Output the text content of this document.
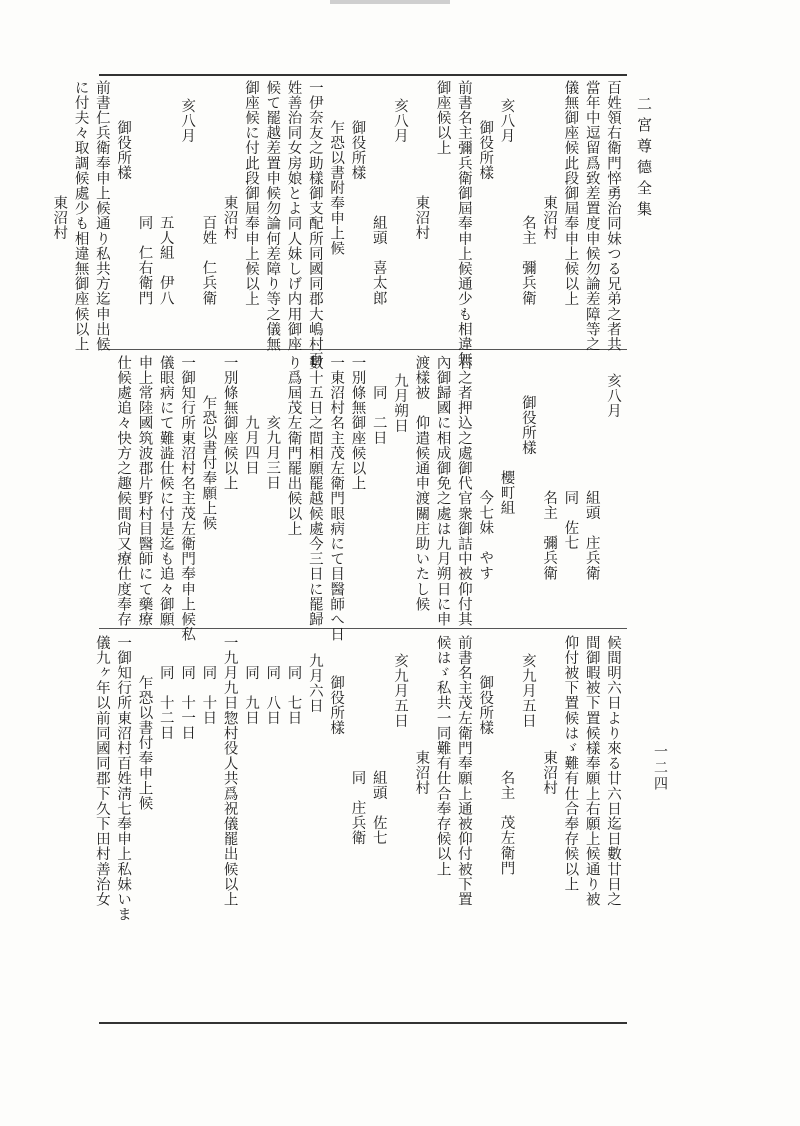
二宮尊德全集
一二四
百姓領右衛門悴勇治同妹つる兄弟之者共
當年中逗留爲致差置度申候勿論差障等之
儀無御座候此段御屆奉申上候以上
東沼村
名主　彌兵衛
亥八月
御役所樣
前書名主彌兵衛御屆奉申上候通少も相違無
御座候以上
東沼村
亥八月
組頭　喜太郎
御役所樣
乍恐以書附奉申上候
一伊奈友之助樣御支配所同國同郡大嶋村百
姓善治同女房娘とよ同人妹しげ内用御座
候て罷越差置申候勿論何差障り等之儀無
御座候に付此段御屆奉申上候以上
東沼村
百姓　仁兵衛
亥八月
五人組　伊八
同　仁右衛門
御役所樣
前書仁兵衛奉申上候通り私共方迄申出候
に付夫々取調候處少も相違無御座候以上
東沼村
亥八月
組頭　庄兵衛
同　佐七
名主　彌兵衛
御役所樣
櫻町組
今七妹　やす
右之者押込之處御代官衆御詰中被仰付其
內御歸國に相成御免之處は九月朔日に申
渡樣被　仰遣候通申渡關庄助いたし候
九月朔日
同　二日
一別條無御座候以上
一東沼村名主茂左衛門眼病にて目醫師へ日
數十五日之間相願罷越候處今三日に罷歸
り爲屆茂左衛門罷出候以上
亥九月三日
九月四日
一別條無御座候以上
乍恐以書付奉願上候
一御知行所東沼村名主茂左衛門奉申上候私
儀眼病にて難澁仕候に付是迄も追々御願
申上常陸國筑波郡片野村目醫師にて藥療
仕候處追々快方之趣候間尙又療仕度奉存
候間明六日より來る廿六日迄日數廿日之
間御暇被下置候樣奉願上右願上候通り被
仰付被下置候はゞ難有仕合奉存候以上
東沼村
亥九月五日
名主　茂左衛門
御役所樣
前書名主茂左衛門奉願上通被仰付被下置
候はゞ私共一同難有仕合奉存候以上
東沼村
亥九月五日
組頭　佐七
同　庄兵衛
御役所樣
九月六日
同　七日
同　八日
同　九日
一九月九日惣村役人共爲祝儀罷出候以上
同　十日
同　十一日
同　十二日
乍恐以書付奉申上候
一御知行所東沼村百姓淸七奉申上私妹いま
儀九ヶ年以前同國同郡下久下田村善治女
